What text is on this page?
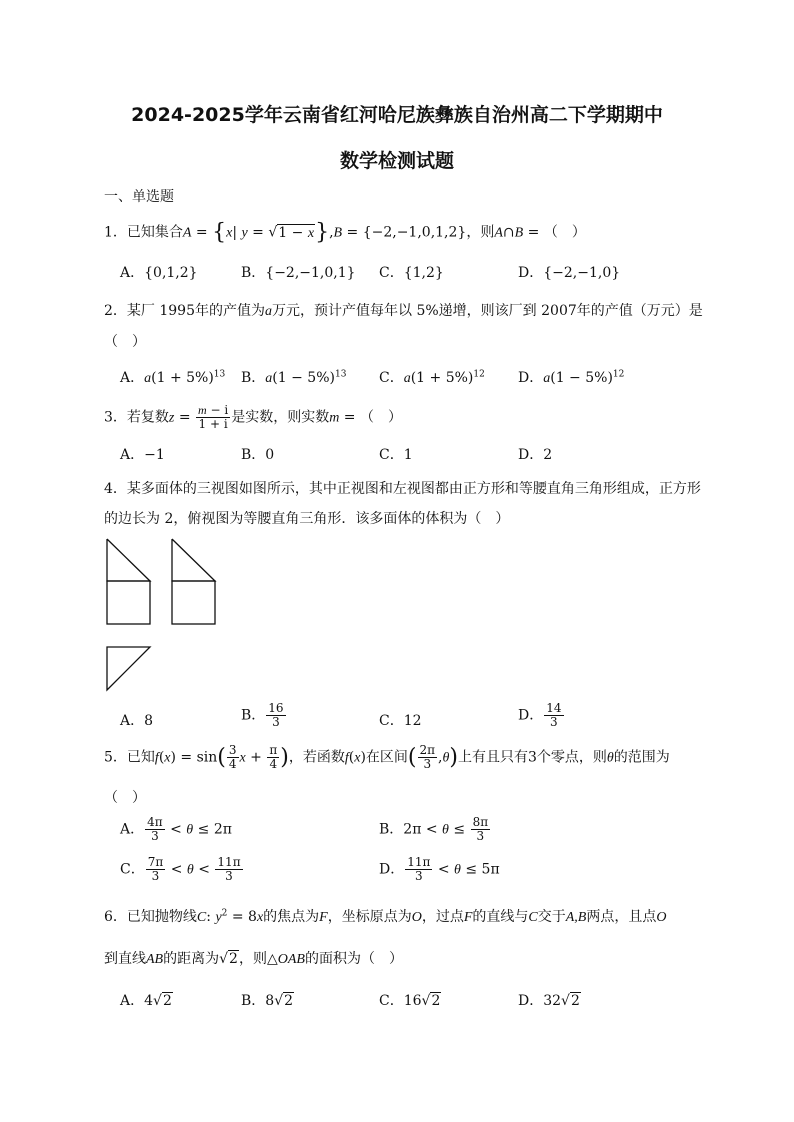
2024-2025学年云南省红河哈尼族彝族自治州高二下学期期中
数学检测试题
一、单选题
1．已知集合A = {x| y = √1 − x},B = {−2,−1,0,1,2}，则A∩B = （　）
A．{0,1,2}	B．{−2,−1,0,1} C．{1,2}	D．{−2,−1,0}
2．某厂 1995年的产值为a万元，预计产值每年以 5%递增，则该厂到 2007年的产值（万元）是
（　）
A．$a(1 + 5\%)^{13}$ B．$a(1 - 5\%)^{13}$ C．$a(1 + 5\%)^{12}$ D．$a(1 - 5\%)^{12}$
3．若复数$z = \frac{m - i}{1 + i}$ 是实数，则实数m = （　）
A．−1	B．0	C．1	D．2
4．某多面体的三视图如图所示，其中正视图和左视图都由正方形和等腰直角三角形组成，正方形
的边长为 2，俯视图为等腰直角三角形．该多面体的体积为（　）
A．8	B． $\frac{16}{3}$	C．12	D． $\frac{14}{3}$
5．已知$f(x) = \sin( \frac{3}{4}$ $x + \frac{\pi}{4}$ )，若函数f(x)在区间( $\frac{2\pi}{3} ,\theta$)上有且只有3个零点，则θ的范围为
（　）
A． $\frac{4\pi}{3} < \theta \le 2\pi$	B．$2\pi < \theta \le \frac{8\pi}{3}$
C． $\frac{7\pi}{3} < \theta < \frac{11\pi}{3}$	D． $\frac{11\pi}{3} < \theta \le 5\pi$
6．已知抛物线C: $y^2 = 8x$的焦点为F，坐标原点为O，过点F的直线与C交于A,B两点，且点O
到直线AB的距离为√2，则△OAB的面积为（　）
A．4√2	B．8√2	C．16√2	D．32√2
